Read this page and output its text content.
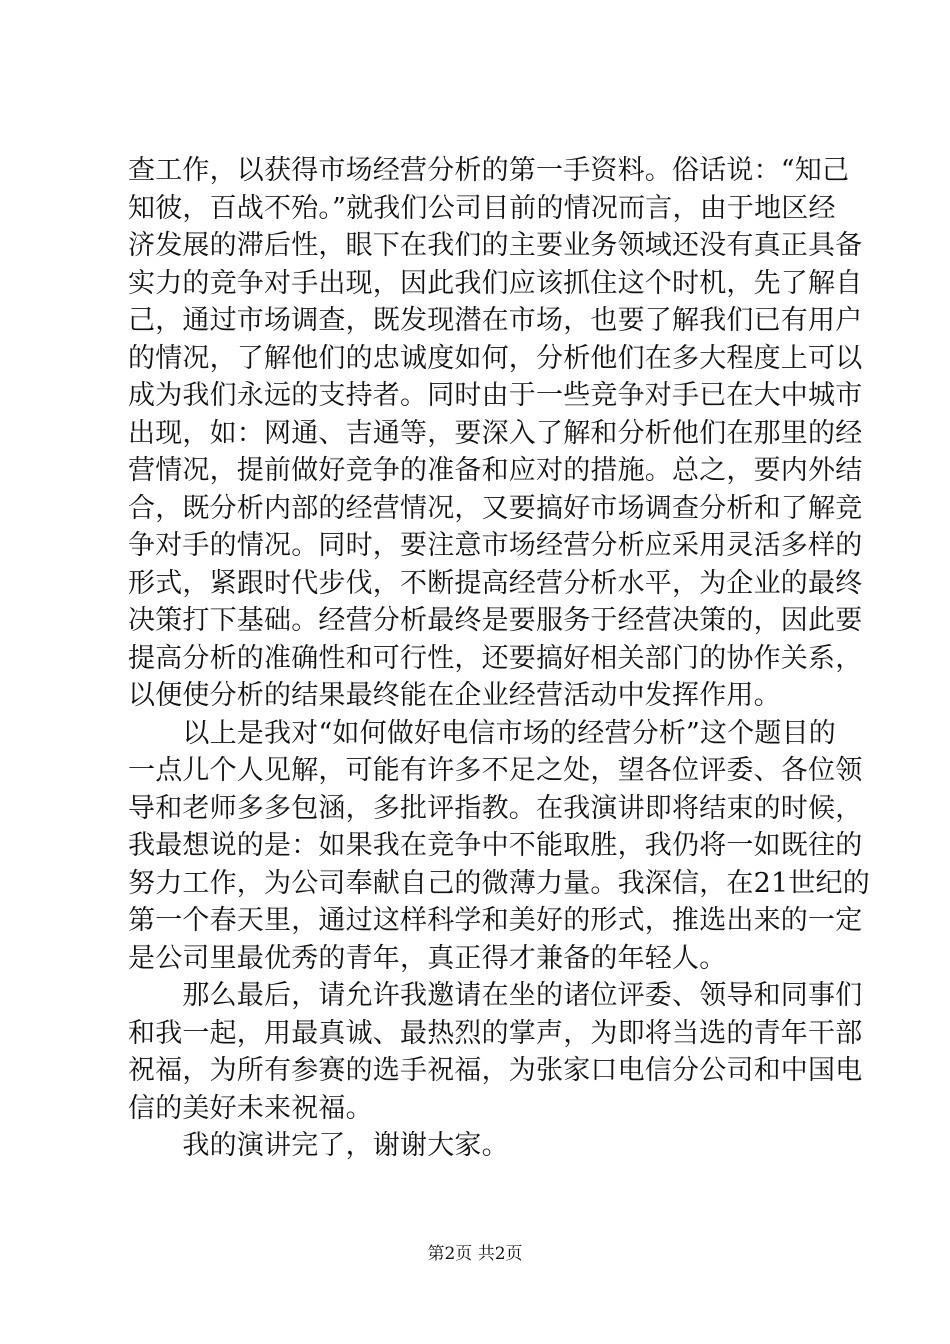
查工作，以获得市场经营分析的第一手资料。俗话说：“知己
知彼，百战不殆。”就我们公司目前的情况而言，由于地区经
济发展的滞后性，眼下在我们的主要业务领域还没有真正具备
实力的竞争对手出现，因此我们应该抓住这个时机，先了解自
己，通过市场调查，既发现潜在市场，也要了解我们已有用户
的情况，了解他们的忠诚度如何，分析他们在多大程度上可以
成为我们永远的支持者。同时由于一些竞争对手已在大中城市
出现，如：网通、吉通等，要深入了解和分析他们在那里的经
营情况，提前做好竞争的准备和应对的措施。总之，要内外结
合，既分析内部的经营情况，又要搞好市场调查分析和了解竞
争对手的情况。同时，要注意市场经营分析应采用灵活多样的
形式，紧跟时代步伐，不断提高经营分析水平，为企业的最终
决策打下基础。经营分析最终是要服务于经营决策的，因此要
提高分析的准确性和可行性，还要搞好相关部门的协作关系，
以便使分析的结果最终能在企业经营活动中发挥作用。
　　以上是我对“如何做好电信市场的经营分析”这个题目的
一点儿个人见解，可能有许多不足之处，望各位评委、各位领
导和老师多多包涵，多批评指教。在我演讲即将结束的时候，
我最想说的是：如果我在竞争中不能取胜，我仍将一如既往的
努力工作，为公司奉献自己的微薄力量。我深信，在21世纪的
第一个春天里，通过这样科学和美好的形式，推选出来的一定
是公司里最优秀的青年，真正得才兼备的年轻人。
　　那么最后，请允许我邀请在坐的诸位评委、领导和同事们
和我一起，用最真诚、最热烈的掌声，为即将当选的青年干部
祝福，为所有参赛的选手祝福，为张家口电信分公司和中国电
信的美好未来祝福。
　　我的演讲完了，谢谢大家。
第2页 共2页
